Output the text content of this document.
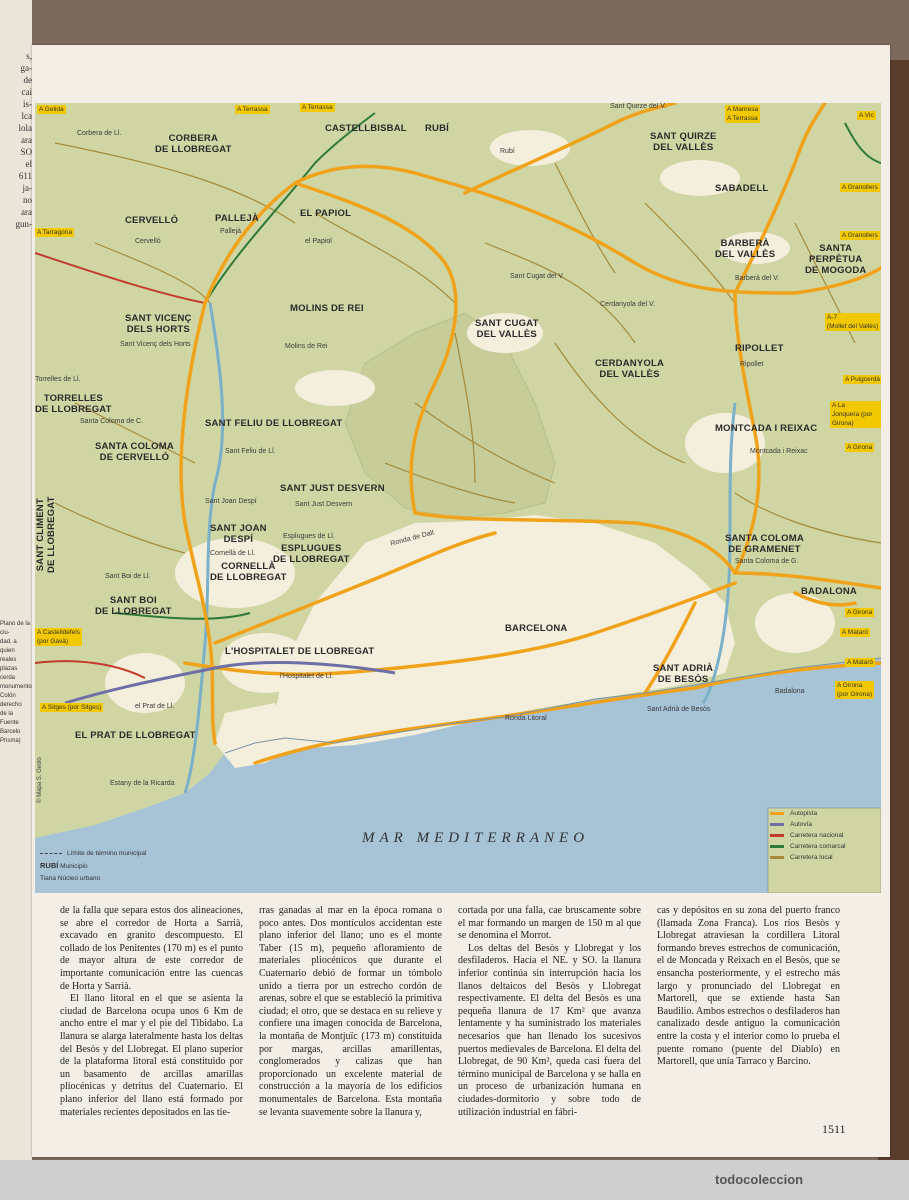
s,
ga-
de
cai
is-
lca
lola
ara
SO
el
611
ja-
no
ara
gun-
Plano de la ciu-
dad, a quien
reales
plazas
cerda
monumento
Colón
derecho
de la Fuente
Barcelo
Prisma)
CORBERA
DE LLOBREGAT
CASTELLBISBAL RUBÍ
SANT QUIRZE
DEL VALLÈS
SABADELL
CERVELLÓ	PALLEJÀ	EL PAPIOL
BARBERÀ
DEL VALLÈS
SANTA
PERPÈTUA
DE MOGODA
MOLINS DE REI
SANT VICENÇ
DELS HORTS
SANT CUGAT
DEL VALLÈS
RIPOLLET
CERDANYOLA
DEL VALLÈS
TORRELLES
DE LLOBREGAT
SANT FELIU DE LLOBREGAT	MONTCADA I REIXAC
SANTA COLOMA
DE CERVELLÓ
SANT JUST DESVERN
SANT JOAN
DESPÍ
ESPLUGUES
DE LLOBREGAT
SANT CLIMENT
DE LLOBREGAT	SANTA COLOMA
DE GRAMENET
CORNELLÀ
DE LLOBREGAT
SANT BOI
DE LLOBREGAT
BADALONA
BARCELONA
L'HOSPITALET DE LLOBREGAT
SANT ADRIÀ
DE BESÒS
EL PRAT DE LLOBREGAT
Corbera de Ll.
Rubí
Sant Quirze del V.
Cervelló
Pallejà
el Papiol
Molins de Rei
Sant Vicenç dels Horts
Sant Cugat del V.
Cerdanyola del V.
Barberà del V.
Ripollet
Torrelles de Ll.
Santa Coloma de C.
Sant Feliu de Ll.
Sant Just Desvern
Sant Joan Despí
Esplugues de Ll.
Cornellà de Ll.
Sant Boi de Ll.
l'Hospitalet de Ll.
el Prat de Ll.
Santa Coloma de G.
Montcada i Reixac
Sant Adrià de Besòs
Badalona
Ronda de Dalt
Ronda Litoral
Estany de la Ricarda
A Terrassa	A Terrassa	A Manresa
A Terrassa	A Vic
A Gelida
A Granollers
A Granollers
A-7
(Mollet del Vallès)
A Puigcerdà
A La
Jonquera (por Girona)
A Girona
A Girona
A Mataró
A Mataró
A Girona
(por Girona)
A Tarragona
A Castelldefels
(por Gavà)
A Sitges (por Sitges)
© Mapa S. Geslo
MAR MEDITERRANEO
Autopista
Autovía
Carretera nacional
Carretera comarcal
Carretera local
Límite de término municipal
RUBÍ Municipio
Tiana Núcleo urbano

de la falla que separa estos dos alineaciones, se abre el corredor de Horta a Sarrià, excavado en granito descompuesto. El collado de los Penitentes (170 m) es el punto de mayor altura de este corredor de importante comunicación entre las cuencas de Horta y Sarrià.

El llano litoral en el que se asienta la ciudad de Barcelona ocupa unos 6 Km de ancho entre el mar y el pie del Tibidabo. La llanura se alarga lateralmente hasta los deltas del Besòs y del Llobregat. El plano superior de la plataforma litoral está constituido por un basamento de arcillas amarillas pliocénicas y detritus del Cuaternario. El plano inferior del llano está formado por materiales recientes depositados en las tie-

rras ganadas al mar en la época romana o poco antes. Dos montículos accidentan este plano inferior del llano; uno es el monte Taber (15 m), pequeño afloramiento de materiales pliocénicos que durante el Cuaternario debió de formar un tómbolo unido a tierra por un estrecho cordón de arenas, sobre el que se estableció la primitiva ciudad; el otro, que se destaca en su relieve y confiere una imagen conocida de Barcelona, la montaña de Montjuïc (173 m) constituida por margas, arcillas amarillentas, conglomerados y calizas que han proporcionado un excelente material de construcción a la mayoría de los edificios monumentales de Barcelona. Esta montaña se levanta suavemente sobre la llanura y,

cortada por una falla, cae bruscamente sobre el mar formando un margen de 150 m al que se denomina el Morrot.

Los deltas del Besòs y Llobregat y los desfiladeros. Hacia el NE. y SO. la llanura inferior continúa sin interrupción hacia los llanos deltaicos del Besòs y Llobregat respectivamente. El delta del Besòs es una pequeña llanura de 17 Km² que avanza lentamente y ha suministrado los materiales necesarios que han llenado los sucesivos puertos medievales de Barcelona. El delta del Llobregat, de 90 Km², queda casi fuera del término municipal de Barcelona y se halla en un proceso de urbanización humana en ciudades-dormitorio y sobre todo de utilización industrial en fábri-

cas y depósitos en su zona del puerto franco (llamada Zona Franca). Los ríos Besòs y Llobregat atraviesan la cordillera Litoral formando breves estrechos de comunicación, el de Moncada y Reixach en el Besòs, que se ensancha posteriormente, y el estrecho más largo y pronunciado del Llobregat en Martorell, que se extiende hasta San Baudilio. Ambos estrechos o desfiladeros han canalizado desde antiguo la comunicación entre la costa y el interior como lo prueba el puente romano (puente del Diablo) en Martorell, que unía Tarraco y Barcino.

1511
todocoleccion
